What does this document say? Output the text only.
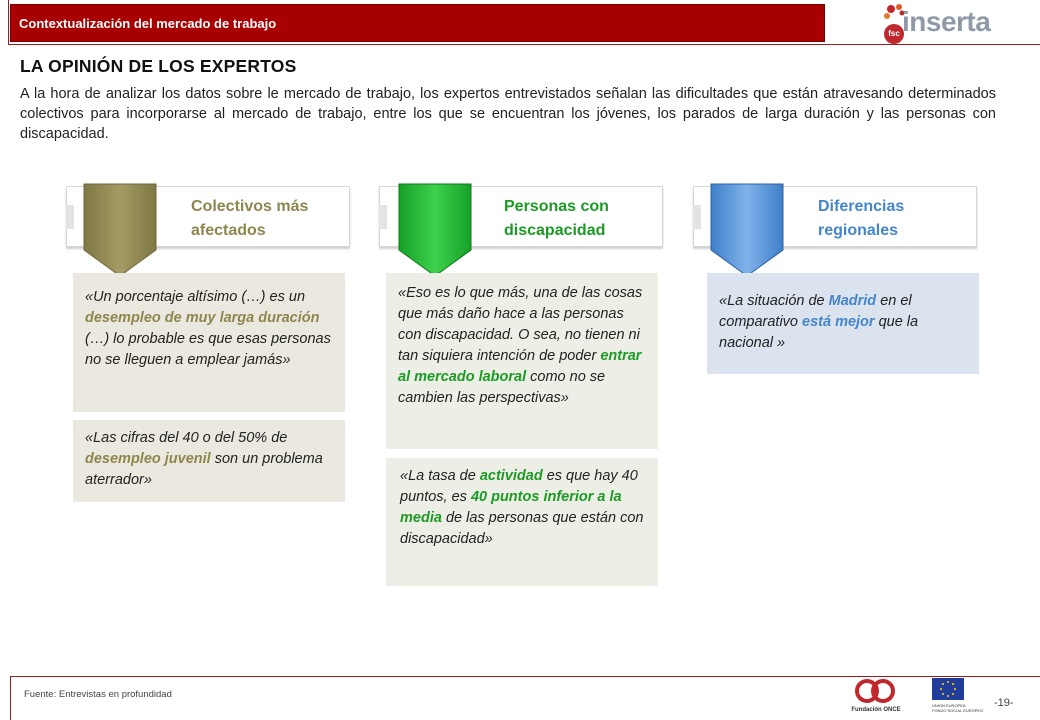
Contextualización del mercado de trabajo
fsc inserta
LA OPINIÓN DE LOS EXPERTOS
A la hora de analizar los datos sobre le mercado de trabajo, los expertos entrevistados señalan las dificultades que están atravesando determinados colectivos para incorporarse al mercado de trabajo, entre los que se encuentran los jóvenes, los parados de larga duración y las personas con discapacidad.
Colectivos más
afectados
«Un porcentaje altísimo (…) es un desempleo de muy larga duración (…) lo probable es que esas personas no se lleguen a emplear jamás»
«Las cifras del 40 o del 50% de desempleo juvenil son un problema aterrador»
Personas con
discapacidad
«Eso es lo que más, una de las cosas que más daño hace a las personas con discapacidad. O sea, no tienen ni tan siquiera intención de poder entrar al mercado laboral como no se cambien las perspectivas»
«La tasa de actividad es que hay 40 puntos, es 40 puntos inferior a la media de las personas que están con discapacidad»
Diferencias
regionales
«La situación de Madrid en el comparativo está mejor que la nacional »
Fuente: Entrevistas en profundidad
Fundación ONCE
UNIÓN EUROPEA
FONDO SOCIAL EUROPEO
-19-
